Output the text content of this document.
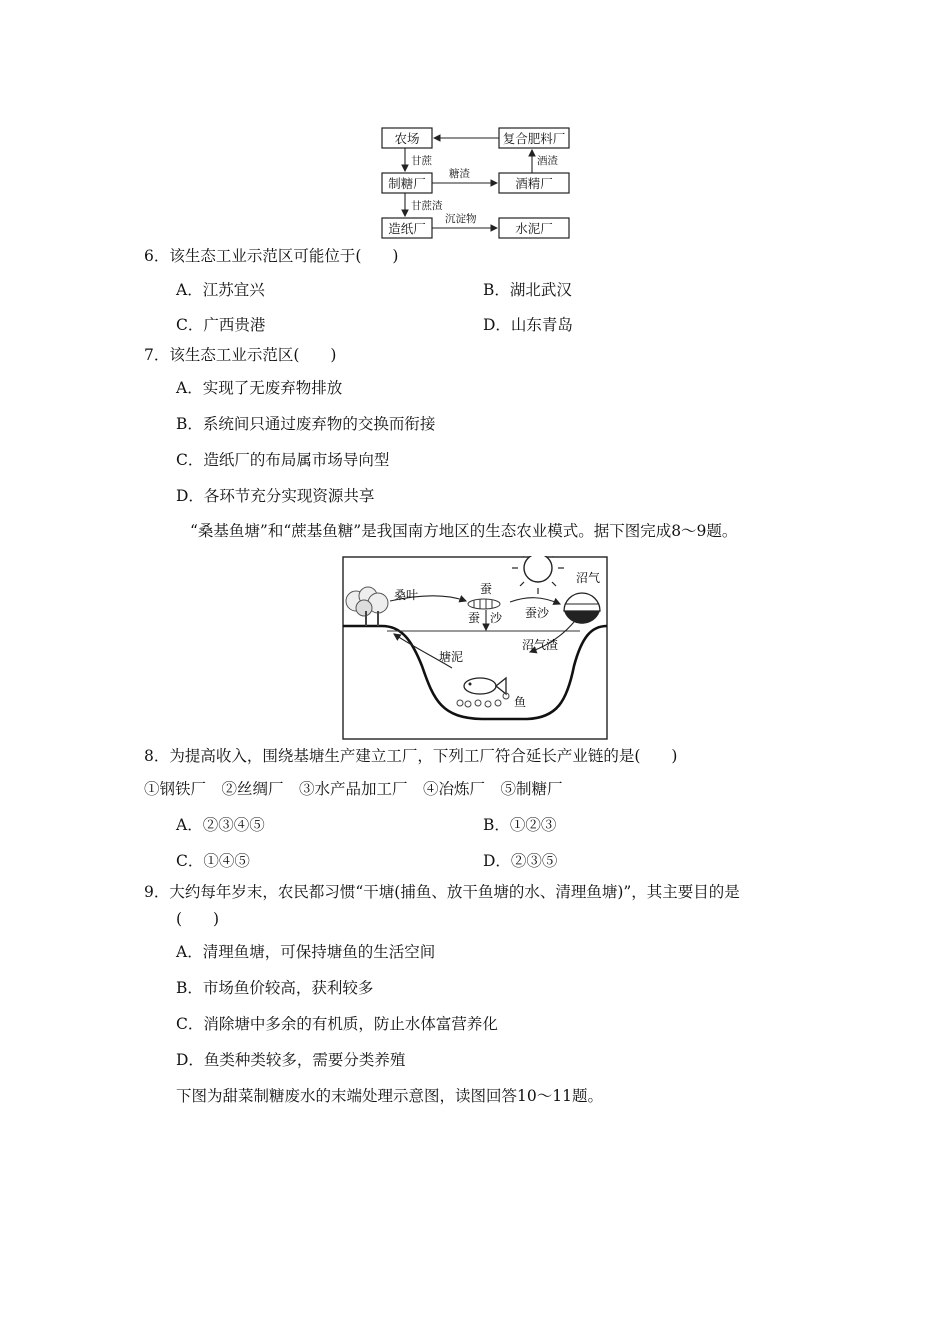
农场	复合肥料厂
制糖厂	酒精厂
造纸厂	水泥厂
甘蔗
糖渣
酒渣
甘蔗渣
沉淀物
6．该生态工业示范区可能位于(　　)
A．江苏宜兴	B．湖北武汉
C．广西贵港	D．山东青岛
7．该生态工业示范区(　　)
A．实现了无废弃物排放
B．系统间只通过废弃物的交换而衔接
C．造纸厂的布局属市场导向型
D．各环节充分实现资源共享
“桑基鱼塘”和“蔗基鱼糖”是我国南方地区的生态农业模式。据下图完成8～9题。
桑叶	蚕
蚕 沙 蚕沙
沼气
沼气渣
塘泥
鱼
8．为提高收入，围绕基塘生产建立工厂，下列工厂符合延长产业链的是(　　)
①钢铁厂　②丝绸厂　③水产品加工厂　④冶炼厂　⑤制糖厂
A．②③④⑤	B．①②③
C．①④⑤	D．②③⑤
9．大约每年岁末，农民都习惯“干塘(捕鱼、放干鱼塘的水、清理鱼塘)”，其主要目的是
(　　)
A．清理鱼塘，可保持塘鱼的生活空间
B．市场鱼价较高，获利较多
C．消除塘中多余的有机质，防止水体富营养化
D．鱼类种类较多，需要分类养殖
下图为甜菜制糖废水的末端处理示意图，读图回答10～11题。
